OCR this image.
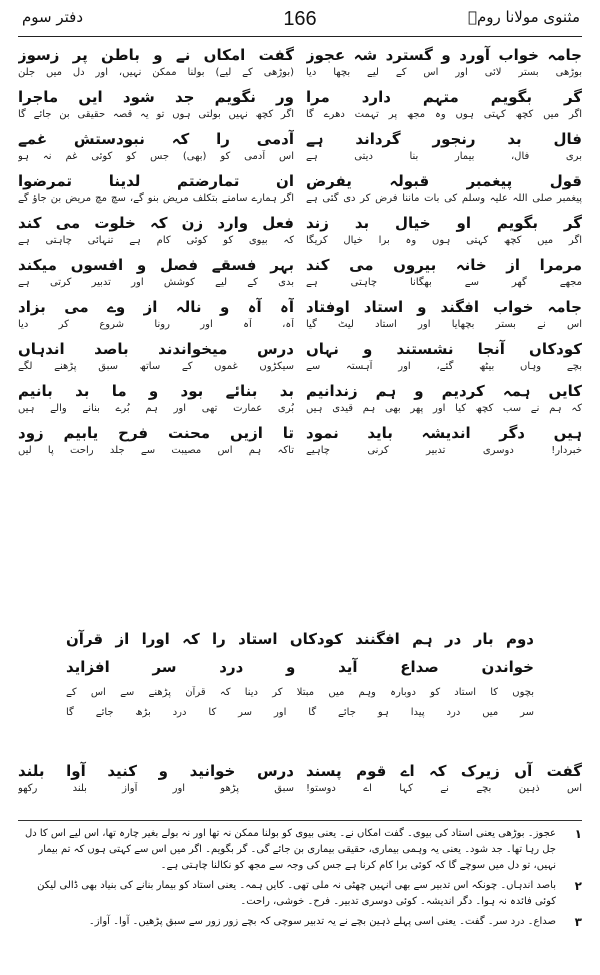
مثنوی مولانا رومؒ
166
دفتر سوم
جامہ خواب آورد و گسترد شہ عجوز
بوڑھی بستر لائی اور اس کے لیے بچھا دیا
گفت امکاں نے و باطن پر زسوز
(بوڑھی کے لیے) بولنا ممکن نہیں، اور دل میں جلن
گر بگویم متہم دارد مرا
اگر میں کچھ کہتی ہوں وہ مجھ پر تہمت دھرے گا
ور نگویم جد شود ایں ماجرا
اگر کچھ نہیں بولتی ہوں تو یہ قصہ حقیقی بن جائے گا
فال بد رنجور گرداند ہے
بری فال، بیمار بنا دیتی ہے
آدمی را کہ نبودستش غمے
اس آدمی کو (بھی) جس کو کوئی غم نہ ہو
قول پیغمبر قبولہ یفرض
پیغمبر صلی اللہ علیہ وسلم کی بات ماننا فرض کر دی گئی ہے
ان تمارضتم لدینا تمرضوا
اگر ہمارے سامنے بتکلف مریض بنو گے، سچ مچ مریض بن جاؤ گے
گر بگویم او خیال بد زند
اگر میں کچھ کہتی ہوں وہ برا خیال کریگا
فعل وارد زن کہ خلوت می کند
کہ بیوی کو کوئی کام ہے تنہائی چاہتی ہے
مرمرا از خانہ بیروں می کند
مجھے گھر سے بھگانا چاہتی ہے
بہر فسقے فصل و افسوں میکند
بدی کے لیے کوشش اور تدبیر کرتی ہے
جامہ خواب افگند و استاد اوفتاد
اس نے بستر بچھایا اور استاد لیٹ گیا
آہ آہ و نالہ از وے می بزاد
آہ، آہ اور رونا شروع کر دیا
کودکاں آنجا نشستند و نہاں
بچے وہاں بیٹھ گئے، اور آہستہ سے
درس میخواندند باصد اندہاں
سیکڑوں غموں کے ساتھ سبق پڑھنے لگے
کایں ہمہ کردیم و ہم زندانیم
کہ ہم نے سب کچھ کیا اور پھر بھی ہم قیدی ہیں
بد بنائے بود و ما بد بانیم
بُری عمارت تھی اور ہم بُرے بنانے والے ہیں
ہیں دگر اندیشہ باید نمود
خبردار! دوسری تدبیر کرنی چاہیے
تا ازیں محنت فرح یابیم زود
تاکہ ہم اس مصیبت سے جلد راحت پا لیں
دوم بار در ہم افگنند کودکاں استاد را کہ اورا از قرآن
خواندن صداع آید و درد سر افزاید
بچوں کا استاد کو دوبارہ وہم میں مبتلا کر دینا کہ قرآن پڑھنے سے اس کے
سر میں درد پیدا ہو جائے گا اور سر کا درد بڑھ جائے گا
گفت آں زیرک کہ اے قوم پسند
اس ذہین بچے نے کہا اے دوستو!
درس خوانید و کنید آوا بلند
سبق پڑھو اور آواز بلند رکھو
۱
عجوز۔ بوڑھی یعنی استاد کی بیوی۔ گفت امکاں نے۔ یعنی بیوی کو بولنا ممکن نہ تھا اور نہ بولے بغیر چارہ تھا، اس لیے اس کا دل جل رہا تھا۔ جد شود۔ یعنی یہ وہمی بیماری، حقیقی بیماری بن جائے گی۔ گر بگویم۔ اگر میں اس سے کہتی ہوں کہ تم بیمار نہیں، تو دل میں سوچے گا کہ کوئی برا کام کرنا ہے جس کی وجہ سے مجھ کو نکالنا چاہتی ہے۔
۲
باصد اندہاں۔ چونکہ اس تدبیر سے بھی انہیں چھٹی نہ ملی تھی۔ کایں ہمہ۔ یعنی استاد کو بیمار بنانے کی بنیاد بھی ڈالی لیکن کوئی فائدہ نہ ہوا۔ دگر اندیشہ۔ کوئی دوسری تدبیر۔ فرح۔ خوشی، راحت۔
۳
صداع۔ درد سر۔ گفت۔ یعنی اسی پہلے ذہین بچے نے یہ تدبیر سوچی کہ بچے زور زور سے سبق پڑھیں۔ آوا۔ آواز۔
